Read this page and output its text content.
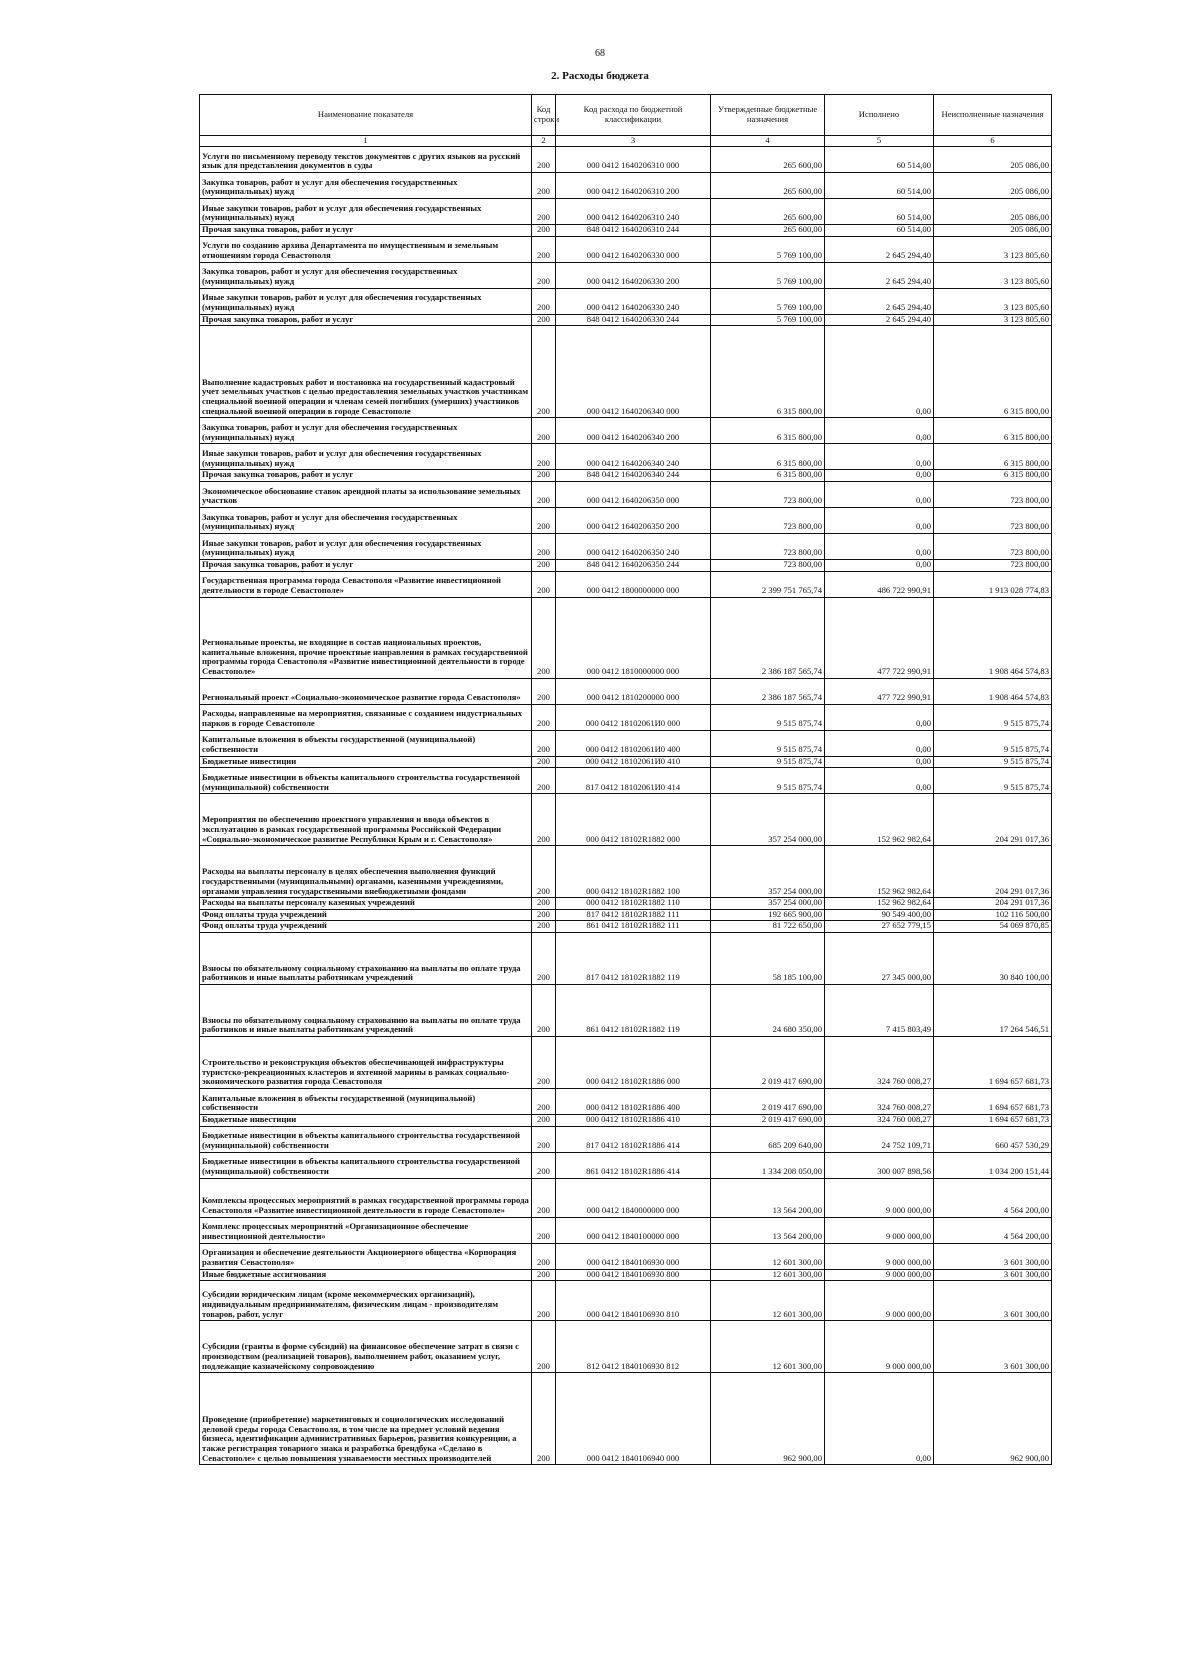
68
2. Расходы бюджета
Наименование показателя	Код строки	Код расхода по бюджетной классификации	Утвержденные бюджетные назначения	Исполнено	Неисполненные назначения
1	2	3	4	5	6
Услуги по письменному переводу текстов документов с других языков на русский язык для представления документов в суды	200	000 0412 1640206310 000	265 600,00	60 514,00	205 086,00
Закупка товаров, работ и услуг для обеспечения государственных (муниципальных) нужд	200	000 0412 1640206310 200	265 600,00	60 514,00	205 086,00
Иные закупки товаров, работ и услуг для обеспечения государственных (муниципальных) нужд	200	000 0412 1640206310 240	265 600,00	60 514,00	205 086,00
Прочая закупка товаров, работ и услуг	200	848 0412 1640206310 244	265 600,00	60 514,00	205 086,00
Услуги по созданию архива Департамента по имущественным и земельным отношениям города Севастополя	200	000 0412 1640206330 000	5 769 100,00	2 645 294,40	3 123 805,60
Закупка товаров, работ и услуг для обеспечения государственных (муниципальных) нужд	200	000 0412 1640206330 200	5 769 100,00	2 645 294,40	3 123 805,60
Иные закупки товаров, работ и услуг для обеспечения государственных (муниципальных) нужд	200	000 0412 1640206330 240	5 769 100,00	2 645 294,40	3 123 805,60
Прочая закупка товаров, работ и услуг	200	848 0412 1640206330 244	5 769 100,00	2 645 294,40	3 123 805,60
Выполнение кадастровых работ и постановка на государственный кадастровый учет земельных участков с целью предоставления земельных участков участникам специальной военной операции и членам семей погибших (умерших) участников специальной военной операции в городе Севастополе	200	000 0412 1640206340 000	6 315 800,00	0,00	6 315 800,00
Закупка товаров, работ и услуг для обеспечения государственных (муниципальных) нужд	200	000 0412 1640206340 200	6 315 800,00	0,00	6 315 800,00
Иные закупки товаров, работ и услуг для обеспечения государственных (муниципальных) нужд	200	000 0412 1640206340 240	6 315 800,00	0,00	6 315 800,00
Прочая закупка товаров, работ и услуг	200	848 0412 1640206340 244	6 315 800,00	0,00	6 315 800,00
Экономическое обоснование ставок арендной платы за использование земельных участков	200	000 0412 1640206350 000	723 800,00	0,00	723 800,00
Закупка товаров, работ и услуг для обеспечения государственных (муниципальных) нужд	200	000 0412 1640206350 200	723 800,00	0,00	723 800,00
Иные закупки товаров, работ и услуг для обеспечения государственных (муниципальных) нужд	200	000 0412 1640206350 240	723 800,00	0,00	723 800,00
Прочая закупка товаров, работ и услуг	200	848 0412 1640206350 244	723 800,00	0,00	723 800,00
Государственная программа города Севастополя «Развитие инвестиционной деятельности в городе Севастополе»	200	000 0412 1800000000 000	2 399 751 765,74	486 722 990,91	1 913 028 774,83
Региональные проекты, не входящие в состав национальных проектов, капитальные вложения, прочие проектные направления в рамках государственной программы города Севастополя «Развитие инвестиционной деятельности в городе Севастополе»	200	000 0412 1810000000 000	2 386 187 565,74	477 722 990,91	1 908 464 574,83
Региональный проект «Социально-экономическое развитие города Севастополя»	200	000 0412 1810200000 000	2 386 187 565,74	477 722 990,91	1 908 464 574,83
Расходы, направленные на мероприятия, связанные с созданием индустриальных парков в городе Севастополе	200	000 0412 18102061И0 000	9 515 875,74	0,00	9 515 875,74
Капитальные вложения в объекты государственной (муниципальной) собственности	200	000 0412 18102061И0 400	9 515 875,74	0,00	9 515 875,74
Бюджетные инвестиции	200	000 0412 18102061И0 410	9 515 875,74	0,00	9 515 875,74
Бюджетные инвестиции в объекты капитального строительства государственной (муниципальной) собственности	200	817 0412 18102061И0 414	9 515 875,74	0,00	9 515 875,74
Мероприятия по обеспечению проектного управления и ввода объектов в эксплуатацию в рамках государственной программы Российской Федерации «Социально-экономическое развитие Республики Крым и г. Севастополя»	200	000 0412 18102R1882 000	357 254 000,00	152 962 982,64	204 291 017,36
Расходы на выплаты персоналу в целях обеспечения выполнения функций государственными (муниципальными) органами, казенными учреждениями, органами управления государственными внебюджетными фондами	200	000 0412 18102R1882 100	357 254 000,00	152 962 982,64	204 291 017,36
Расходы на выплаты персоналу казенных учреждений	200	000 0412 18102R1882 110	357 254 000,00	152 962 982,64	204 291 017,36
Фонд оплаты труда учреждений	200	817 0412 18102R1882 111	192 665 900,00	90 549 400,00	102 116 500,00
Фонд оплаты труда учреждений	200	861 0412 18102R1882 111	81 722 650,00	27 652 779,15	54 069 870,85
Взносы по обязательному социальному страхованию на выплаты по оплате труда работников и иные выплаты работникам учреждений	200	817 0412 18102R1882 119	58 185 100,00	27 345 000,00	30 840 100,00
Взносы по обязательному социальному страхованию на выплаты по оплате труда работников и иные выплаты работникам учреждений	200	861 0412 18102R1882 119	24 680 350,00	7 415 803,49	17 264 546,51
Строительство и реконструкция объектов обеспечивающей инфраструктуры туристско-рекреационных кластеров и яхтенной марины в рамках социально-экономического развития города Севастополя	200	000 0412 18102R1886 000	2 019 417 690,00	324 760 008,27	1 694 657 681,73
Капитальные вложения в объекты государственной (муниципальной) собственности	200	000 0412 18102R1886 400	2 019 417 690,00	324 760 008,27	1 694 657 681,73
Бюджетные инвестиции	200	000 0412 18102R1886 410	2 019 417 690,00	324 760 008,27	1 694 657 681,73
Бюджетные инвестиции в объекты капитального строительства государственной (муниципальной) собственности	200	817 0412 18102R1886 414	685 209 640,00	24 752 109,71	660 457 530,29
Бюджетные инвестиции в объекты капитального строительства государственной (муниципальной) собственности	200	861 0412 18102R1886 414	1 334 208 050,00	300 007 898,56	1 034 200 151,44
Комплексы процессных мероприятий в рамках государственной программы города Севастополя «Развитие инвестиционной деятельности в городе Севастополе»	200	000 0412 1840000000 000	13 564 200,00	9 000 000,00	4 564 200,00
Комплекс процессных мероприятий «Организационное обеспечение инвестиционной деятельности»	200	000 0412 1840100000 000	13 564 200,00	9 000 000,00	4 564 200,00
Организация и обеспечение деятельности Акционерного общества «Корпорация развития Севастополя»	200	000 0412 1840106930 000	12 601 300,00	9 000 000,00	3 601 300,00
Иные бюджетные ассигнования	200	000 0412 1840106930 800	12 601 300,00	9 000 000,00	3 601 300,00
Субсидии юридическим лицам (кроме некоммерческих организаций), индивидуальным предпринимателям, физическим лицам - производителям товаров, работ, услуг	200	000 0412 1840106930 810	12 601 300,00	9 000 000,00	3 601 300,00
Субсидии (гранты в форме субсидий) на финансовое обеспечение затрат в связи с производством (реализацией товаров), выполнением работ, оказанием услуг, подлежащие казначейскому сопровождению	200	812 0412 1840106930 812	12 601 300,00	9 000 000,00	3 601 300,00
Проведение (приобретение) маркетинговых и социологических исследований деловой среды города Севастополя, в том числе на предмет условий ведения бизнеса, идентификации административных барьеров, развития конкуренции, а также регистрация товарного знака и разработка брендбука «Сделано в Севастополе» с целью повышения узнаваемости местных производителей	200	000 0412 1840106940 000	962 900,00	0,00	962 900,00
